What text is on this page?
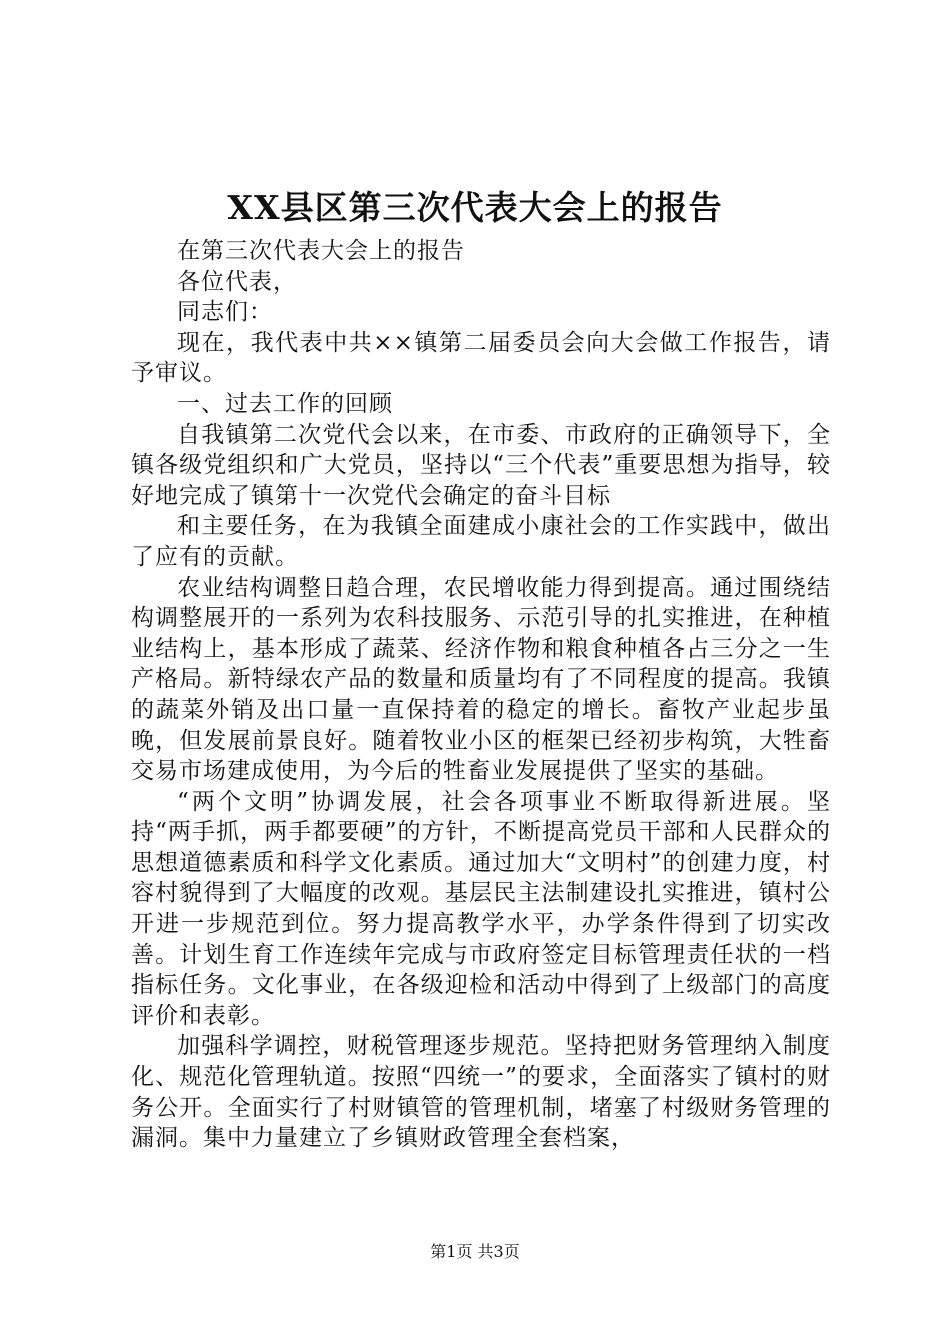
XX县区第三次代表大会上的报告

在第三次代表大会上的报告

各位代表，

同志们：

现在，我代表中共××镇第二届委员会向大会做工作报告，请予审议。

一、过去工作的回顾

自我镇第二次党代会以来，在市委、市政府的正确领导下，全镇各级党组织和广大党员，坚持以“三个代表”重要思想为指导，较好地完成了镇第十一次党代会确定的奋斗目标

和主要任务，在为我镇全面建成小康社会的工作实践中，做出了应有的贡献。

农业结构调整日趋合理，农民增收能力得到提高。通过围绕结构调整展开的一系列为农科技服务、示范引导的扎实推进，在种植业结构上，基本形成了蔬菜、经济作物和粮食种植各占三分之一生产格局。新特绿农产品的数量和质量均有了不同程度的提高。我镇的蔬菜外销及出口量一直保持着的稳定的增长。畜牧产业起步虽晚，但发展前景良好。随着牧业小区的框架已经初步构筑，大牲畜交易市场建成使用，为今后的牲畜业发展提供了坚实的基础。

“两个文明”协调发展，社会各项事业不断取得新进展。坚持“两手抓，两手都要硬”的方针，不断提高党员干部和人民群众的思想道德素质和科学文化素质。通过加大“文明村”的创建力度，村容村貌得到了大幅度的改观。基层民主法制建设扎实推进，镇村公开进一步规范到位。努力提高教学水平，办学条件得到了切实改善。计划生育工作连续年完成与市政府签定目标管理责任状的一档指标任务。文化事业，在各级迎检和活动中得到了上级部门的高度评价和表彰。

加强科学调控，财税管理逐步规范。坚持把财务管理纳入制度化、规范化管理轨道。按照“四统一”的要求，全面落实了镇村的财务公开。全面实行了村财镇管的管理机制，堵塞了村级财务管理的漏洞。集中力量建立了乡镇财政管理全套档案，

第1页 共3页
